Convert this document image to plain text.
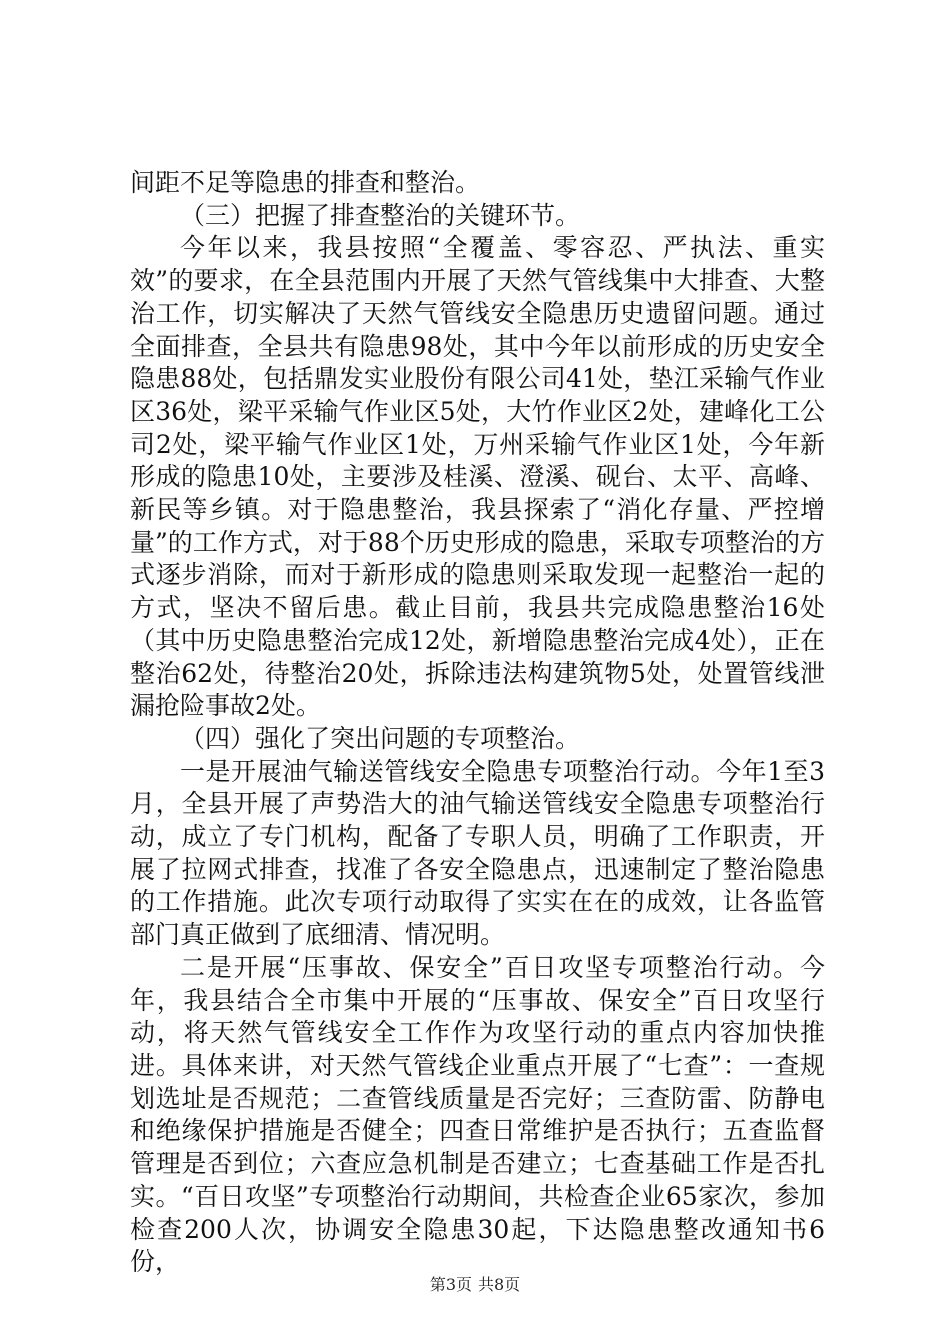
间距不足等隐患的排查和整治。

（三）把握了排查整治的关键环节。

今年以来，我县按照“全覆盖、零容忍、严执法、重实效”的要求，在全县范围内开展了天然气管线集中大排查、大整治工作，切实解决了天然气管线安全隐患历史遗留问题。通过全面排查，全县共有隐患98处，其中今年以前形成的历史安全隐患88处，包括鼎发实业股份有限公司41处，垫江采输气作业区36处，梁平采输气作业区5处，大竹作业区2处，建峰化工公司2处，梁平输气作业区1处，万州采输气作业区1处，今年新形成的隐患10处，主要涉及桂溪、澄溪、砚台、太平、高峰、新民等乡镇。对于隐患整治，我县探索了“消化存量、严控增量”的工作方式，对于88个历史形成的隐患，采取专项整治的方式逐步消除，而对于新形成的隐患则采取发现一起整治一起的方式，坚决不留后患。截止目前，我县共完成隐患整治16处（其中历史隐患整治完成12处，新增隐患整治完成4处），正在整治62处，待整治20处，拆除违法构建筑物5处，处置管线泄漏抢险事故2处。

（四）强化了突出问题的专项整治。

一是开展油气输送管线安全隐患专项整治行动。今年1至3月，全县开展了声势浩大的油气输送管线安全隐患专项整治行动，成立了专门机构，配备了专职人员，明确了工作职责，开展了拉网式排查，找准了各安全隐患点，迅速制定了整治隐患的工作措施。此次专项行动取得了实实在在的成效，让各监管部门真正做到了底细清、情况明。

二是开展“压事故、保安全”百日攻坚专项整治行动。今年，我县结合全市集中开展的“压事故、保安全”百日攻坚行动，将天然气管线安全工作作为攻坚行动的重点内容加快推进。具体来讲，对天然气管线企业重点开展了“七查”：一查规划选址是否规范；二查管线质量是否完好；三查防雷、防静电和绝缘保护措施是否健全；四查日常维护是否执行；五查监督管理是否到位；六查应急机制是否建立；七查基础工作是否扎实。“百日攻坚”专项整治行动期间，共检查企业65家次，参加检查200人次，协调安全隐患30起，下达隐患整改通知书6份，

第3页 共8页
